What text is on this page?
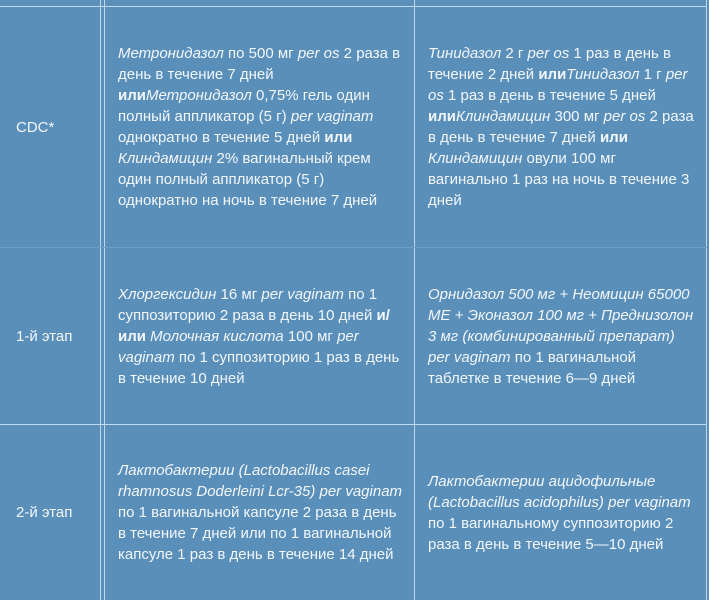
CDC*
Метронидазол по 500 мг per os 2 раза в день в течение 7 дней илиМетронидазол 0,75% гель один полный аппликатор (5 г) per vaginam однократно в течение 5 дней или Клиндамицин 2% вагинальный крем один полный аппликатор (5 г) однократно на ночь в течение 7 дней
Тинидазол 2 г per os 1 раз в день в течение 2 дней илиТинидазол 1 г per os 1 раз в день в течение 5 дней илиКлиндамицин 300 мг per os 2 раза в день в течение 7 дней или Клиндамицин овули 100 мг вагинально 1 раз на ночь в течение 3 дней
1-й этап
Хлоргексидин 16 мг per vaginam по 1 суппозиторию 2 раза в день 10 дней и/или Молочная кислота 100 мг per vaginam по 1 суппозиторию 1 раз в день в течение 10 дней
Орнидазол 500 мг + Неомицин 65000 МЕ + Эконазол 100 мг + Преднизолон 3 мг (комбинированный препарат) per vaginam по 1 вагинальной таблетке в течение 6—9 дней
2-й этап
Лактобактерии (Lactobacillus casei rhamnosus Doderleini Lcr-35) per vaginam по 1 вагинальной капсуле 2 раза в день в течение 7 дней или по 1 вагинальной капсуле 1 раз в день в течение 14 дней
Лактобактерии ацидофильные (Lactobacillus acidophilus) per vaginam по 1 вагинальному суппозиторию 2 раза в день в течение 5—10 дней
